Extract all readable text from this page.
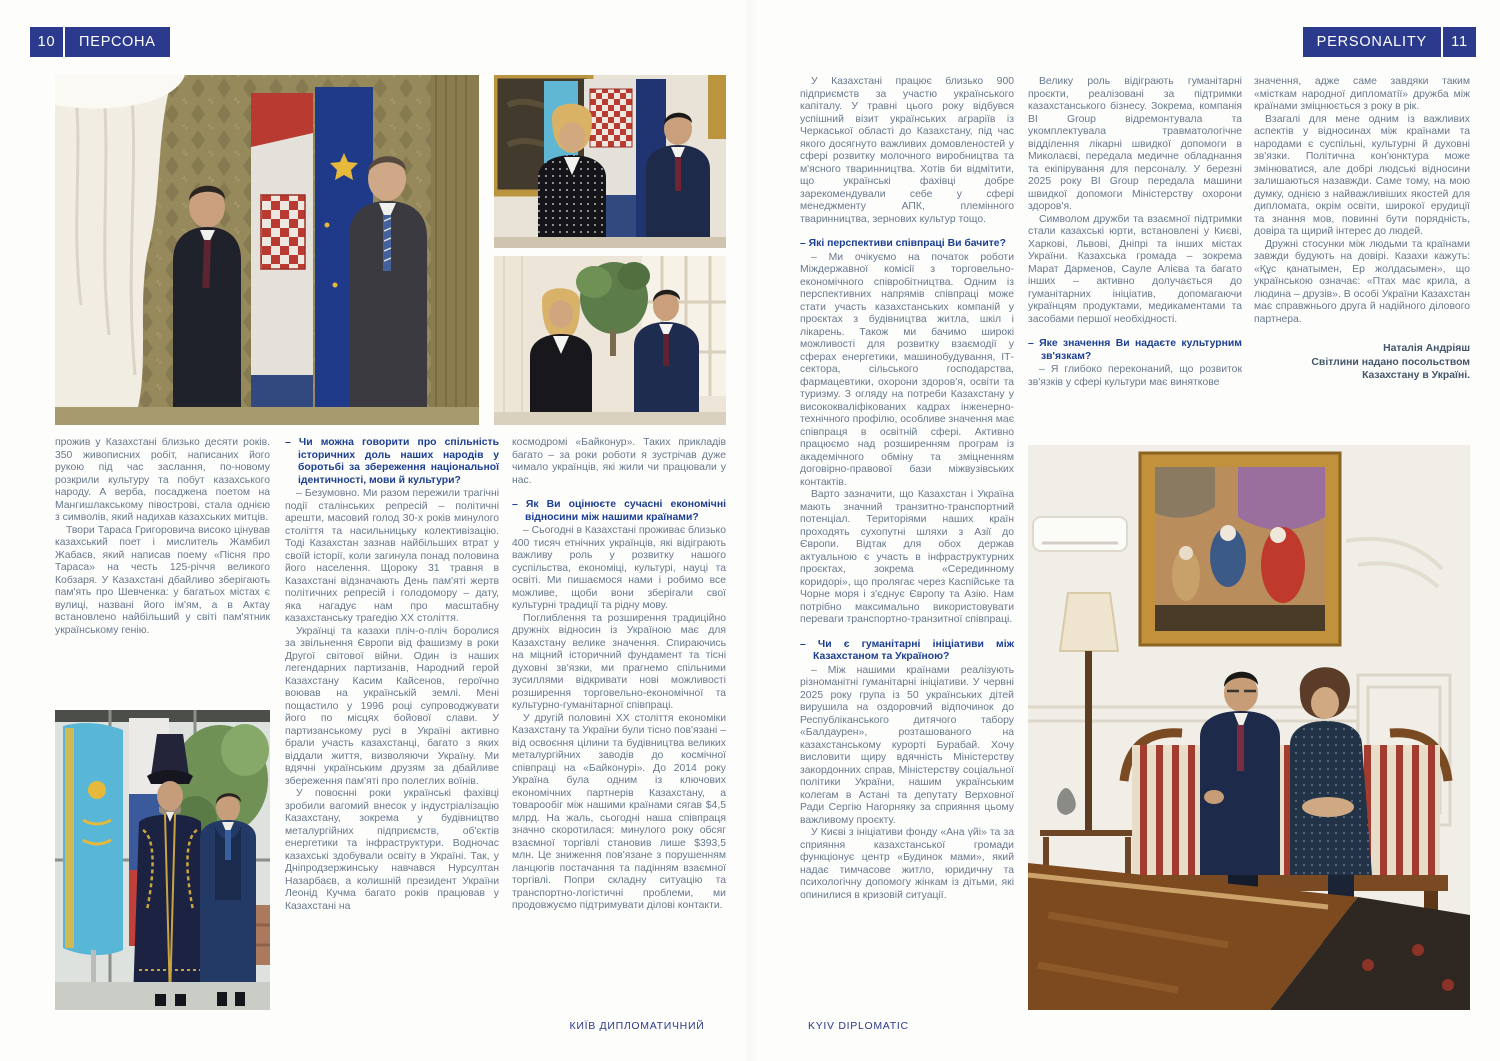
10	ПЕРСОНА	PERSONALITY	11

прожив у Казахстані близько десяти років. 350 живописних робіт, написаних його рукою під час заслання, по-новому розкрили культуру та побут казахського народу. А верба, посаджена поетом на Мангишлакському півострові, стала однією з символів, який надихав казахських митців.

Твори Тараса Григоровича високо цінував казахський поет і мислитель Жамбил Жабаєв, який написав поему «Пісня про Тараса» на честь 125-річчя великого Кобзаря. У Казахстані дбайливо зберігають пам'ять про Шевченка: у багатьох містах є вулиці, названі його ім'ям, а в Актау встановлено найбільший у світі пам'ятник українському генію.

– Чи можна говорити про спільність історичних доль наших народів у боротьбі за збереження національної ідентичності, мови й культури?

– Безумовно. Ми разом пережили трагічні події сталінських репресій – політичні арешти, масовий голод 30-х років минулого століття та насильницьку колективізацію. Тоді Казахстан зазнав найбільших втрат у своїй історії, коли загинула понад половина його населення. Щороку 31 травня в Казахстані відзначають День пам'яті жертв політичних репресій і голодомору – дату, яка нагадує нам про масштабну казахстанську трагедію ХХ століття.

Українці та казахи пліч-о-пліч боролися за звільнення Європи від фашизму в роки Другої світової війни. Один із наших легендарних партизанів, Народний герой Казахстану Касим Кайсенов, героїчно воював на українській землі. Мені пощастило у 1996 році супроводжувати його по місцях бойової слави. У партизанському русі в Україні активно брали участь казахстанці, багато з яких віддали життя, визволяючи Україну. Ми вдячні українським друзям за дбайливе збереження пам'яті про полеглих воїнів.

У повоєнні роки українські фахівці зробили вагомий внесок у індустріалізацію Казахстану, зокрема у будівництво металургійних підприємств, об'єктів енергетики та інфраструктури. Водночас казахські здобували освіту в Україні. Так, у Дніпродзержинську навчався Нурсултан Назарбаєв, а колишній президент України Леонід Кучма багато років працював у Казахстані на

космодромі «Байконур». Таких прикладів багато – за роки роботи я зустрічав дуже чимало українців, які жили чи працювали у нас.

– Як Ви оцінюєте сучасні економічні відносини між нашими країнами?

– Сьогодні в Казахстані проживає близько 400 тисяч етнічних українців, які відіграють важливу роль у розвитку нашого суспільства, економіці, культурі, науці та освіті. Ми пишаємося нами і робимо все можливе, щоби вони зберігали свої культурні традиції та рідну мову.

Поглиблення та розширення традиційно дружніх відносин із Україною має для Казахстану велике значення. Спираючись на міцний історичний фундамент та тісні духовні зв'язки, ми прагнемо спільними зусиллями відкривати нові можливості розширення торговельно-економічної та культурно-гуманітарної співпраці.

У другій половині ХХ століття економіки Казахстану та України були тісно пов'язані – від освоєння цілини та будівництва великих металургійних заводів до космічної співпраці на «Байконурі». До 2014 року Україна була одним із ключових економічних партнерів Казахстану, а товарообіг між нашими країнами сягав $4,5 млрд. На жаль, сьогодні наша співпраця значно скоротилася: минулого року обсяг взаємної торгівлі становив лише $393,5 млн. Це зниження пов'язане з порушенням ланцюгів постачання та падінням взаємної торгівлі. Попри складну ситуацію та транспортно-логістичні проблеми, ми продовжуємо підтримувати ділові контакти.

У Казахстані працює близько 900 підприємств за участю українського капіталу. У травні цього року відбувся успішний візит українських аграріїв із Черкаської області до Казахстану, під час якого досягнуто важливих домовленостей у сфері розвитку молочного виробництва та м'ясного тваринництва. Хотів би відмітити, що українські фахівці добре зарекомендували себе у сфері менеджменту АПК, племінного тваринництва, зернових культур тощо.

– Які перспективи співпраці Ви бачите?

– Ми очікуємо на початок роботи Міждержавної комісії з торговельно-економічного співробітництва. Одним із перспективних напрямів співпраці може стати участь казахстанських компаній у проєктах з будівництва житла, шкіл і лікарень. Також ми бачимо широкі можливості для розвитку взаємодії у сферах енергетики, машинобудування, ІТ-сектора, сільського господарства, фармацевтики, охорони здоров'я, освіти та туризму. З огляду на потреби Казахстану у висококваліфікованих кадрах інженерно-технічного профілю, особливе значення має співпраця в освітній сфері. Активно працюємо над розширенням програм із академічного обміну та зміцненням договірно-правової бази міжвузівських контактів.

Варто зазначити, що Казахстан і Україна мають значний транзитно-транспортний потенціал. Територіями наших країн проходять сухопутні шляхи з Азії до Європи. Відтак для обох держав актуальною є участь в інфраструктурних проєктах, зокрема «Серединному коридорі», що пролягає через Каспійське та Чорне моря і з'єднує Європу та Азію. Нам потрібно максимально використовувати переваги транспортно-транзитної співпраці.

– Чи є гуманітарні ініціативи між Казахстаном та Україною?

– Між нашими країнами реалізують різноманітні гуманітарні ініціативи. У червні 2025 року група із 50 українських дітей вирушила на оздоровчий відпочинок до Республіканського дитячого табору «Балдаурен», розташованого на казахстанському курорті Бурабай. Хочу висловити щиру вдячність Міністерству закордонних справ, Міністерству соціальної політики України, нашим українським колегам в Астані та депутату Верховної Ради Сергію Нагорняку за сприяння цьому важливому проєкту.

У Києві з ініціативи фонду «Ана үйі» та за сприяння казахстанської громади функціонує центр «Будинок мами», який надає тимчасове житло, юридичну та психологічну допомогу жінкам із дітьми, які опинилися в кризовій ситуації.

Велику роль відіграють гуманітарні проєкти, реалізовані за підтримки казахстанського бізнесу. Зокрема, компанія BI Group відремонтувала та укомплектувала травматологічне відділення лікарні швидкої допомоги в Миколаєві, передала медичне обладнання та екіпірування для персоналу. У березні 2025 року BI Group передала машини швидкої допомоги Міністерству охорони здоров'я.

Символом дружби та взаємної підтримки стали казахські юрти, встановлені у Києві, Харкові, Львові, Дніпрі та інших містах України. Казахська громада – зокрема Марат Дарменов, Сауле Алієва та багато інших – активно долучається до гуманітарних ініціатив, допомагаючи українцям продуктами, медикаментами та засобами першої необхідності.

– Яке значення Ви надаєте культурним зв'язкам?

– Я глибоко переконаний, що розвиток зв'язків у сфері культури має виняткове

значення, адже саме завдяки таким «місткам народної дипломатії» дружба між країнами зміцнюється з року в рік.

Взагалі для мене одним із важливих аспектів у відносинах між країнами та народами є суспільні, культурні й духовні зв'язки. Політична кон'юнктура може змінюватися, але добрі людські відносини залишаються назавжди. Саме тому, на мою думку, однією з найважливіших якостей для дипломата, окрім освіти, широкої ерудиції та знання мов, повинні бути порядність, довіра та щирий інтерес до людей.

Дружні стосунки між людьми та країнами завжди будують на довірі. Казахи кажуть: «Құс қанатымен, Ер жолдасымен», що українською означає: «Птах має крила, а людина – друзів». В особі України Казахстан має справжнього друга й надійного ділового партнера.

Наталія Андріяш

Світлини надано посольством

Казахстану в Україні.

КИЇВ ДИПЛОМАТИЧНИЙ	KYIV DIPLOMATIC
